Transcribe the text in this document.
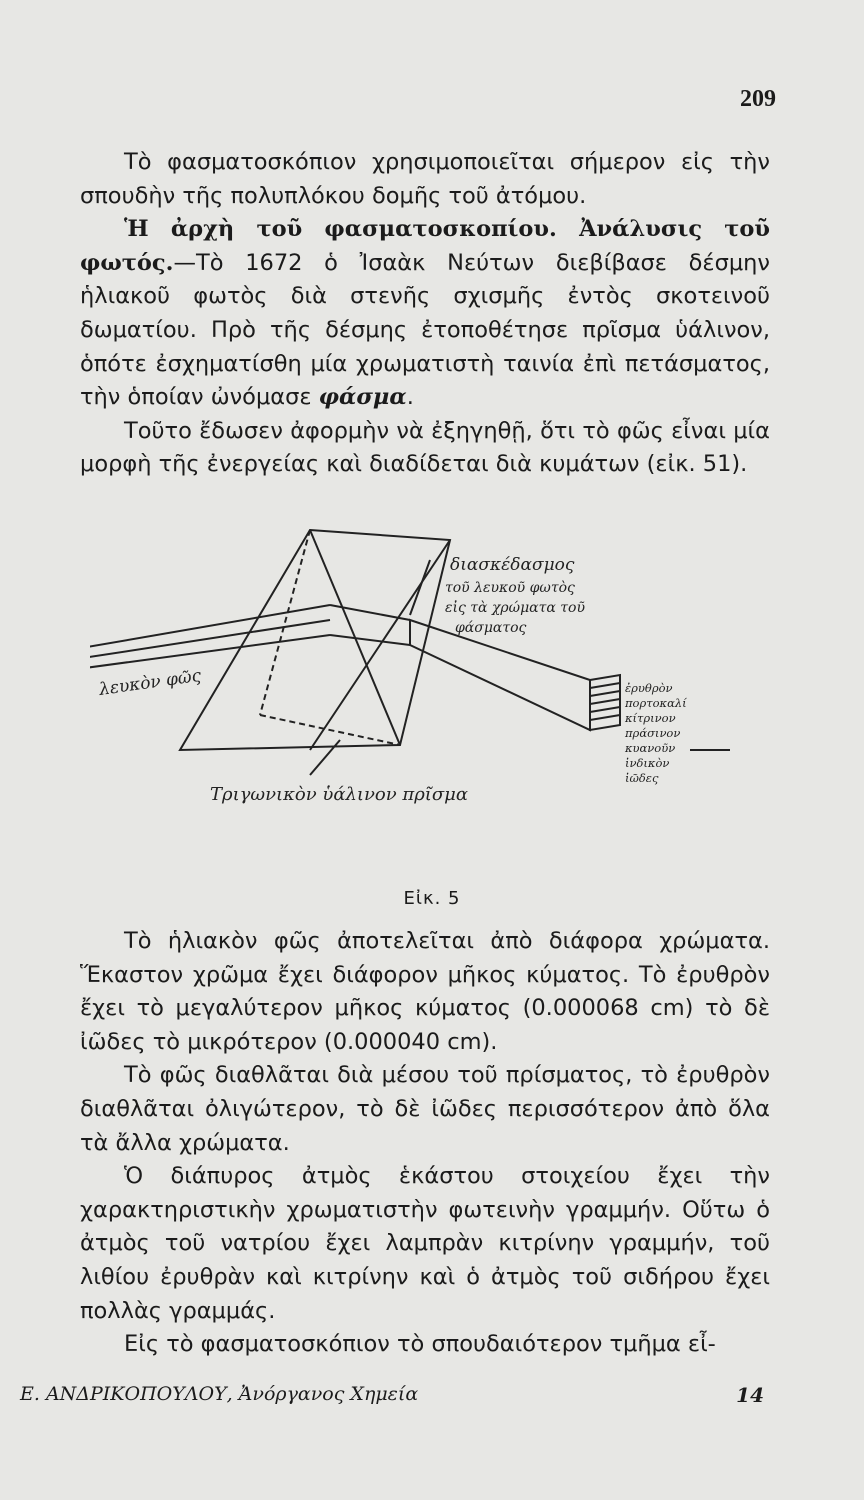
209

Τὸ φασματοσκόπιον χρησιμοποιεῖται σήμερον εἰς τὴν σπουδὴν τῆς πολυπλόκου δομῆς τοῦ ἀτόμου.

Ἡ ἀρχὴ τοῦ φασματοσκοπίου. Ἀνάλυσις τοῦ φωτός.—Τὸ 1672 ὁ Ἰσαὰκ Νεύτων διεβίβασε δέσμην ἡλιακοῦ φωτὸς διὰ στενῆς σχισμῆς ἐντὸς σκοτεινοῦ δωματίου. Πρὸ τῆς δέσμης ἐτοποθέτησε πρῖσμα ὑάλινον, ὁπότε ἐσχηματίσθη μία χρωματιστὴ ταινία ἐπὶ πετάσματος, τὴν ὁποίαν ὠνόμασε φάσμα.

Τοῦτο ἔδωσεν ἀφορμὴν νὰ ἐξηγηθῇ, ὅτι τὸ φῶς εἶναι μία μορφὴ τῆς ἐνεργείας καὶ διαδίδεται διὰ κυμάτων (εἰκ. 51).

διασκέδασμος
τοῦ λευκοῦ φωτὸς
εἰς τὰ χρώματα τοῦ
φάσματος
λευκὸν φῶς
Τριγωνικὸν ὑάλινον πρῖσμα
ἐρυθρὸν
πορτοκαλί
κίτρινον
πράσινον
κυανοῦν
ἰνδικὸν
ἰῶδες
Εἰκ. 5

Τὸ ἡλιακὸν φῶς ἀποτελεῖται ἀπὸ διάφορα χρώματα. Ἕκαστον χρῶμα ἔχει διάφορον μῆκος κύματος. Τὸ ἐρυθρὸν ἔχει τὸ μεγαλύτερον μῆκος κύματος (0.000068 cm) τὸ δὲ ἰῶδες τὸ μικρότερον (0.000040 cm).

Τὸ φῶς διαθλᾶται διὰ μέσου τοῦ πρίσματος, τὸ ἐρυθρὸν διαθλᾶται ὀλιγώτερον, τὸ δὲ ἰῶδες περισσότερον ἀπὸ ὅλα τὰ ἄλλα χρώματα.

Ὁ διάπυρος ἀτμὸς ἑκάστου στοιχείου ἔχει τὴν χαρακτηριστικὴν χρωματιστὴν φωτεινὴν γραμμήν. Οὕτω ὁ ἀτμὸς τοῦ νατρίου ἔχει λαμπρὰν κιτρίνην γραμμήν, τοῦ λιθίου ἐρυθρὰν καὶ κιτρίνην καὶ ὁ ἀτμὸς τοῦ σιδήρου ἔχει πολλὰς γραμμάς.

Εἰς τὸ φασματοσκόπιον τὸ σπουδαιότερον τμῆμα εἶ-

Ε. ΑΝΔΡΙΚΟΠΟΥΛΟΥ, Ἀνόργανος Χημεία	14
